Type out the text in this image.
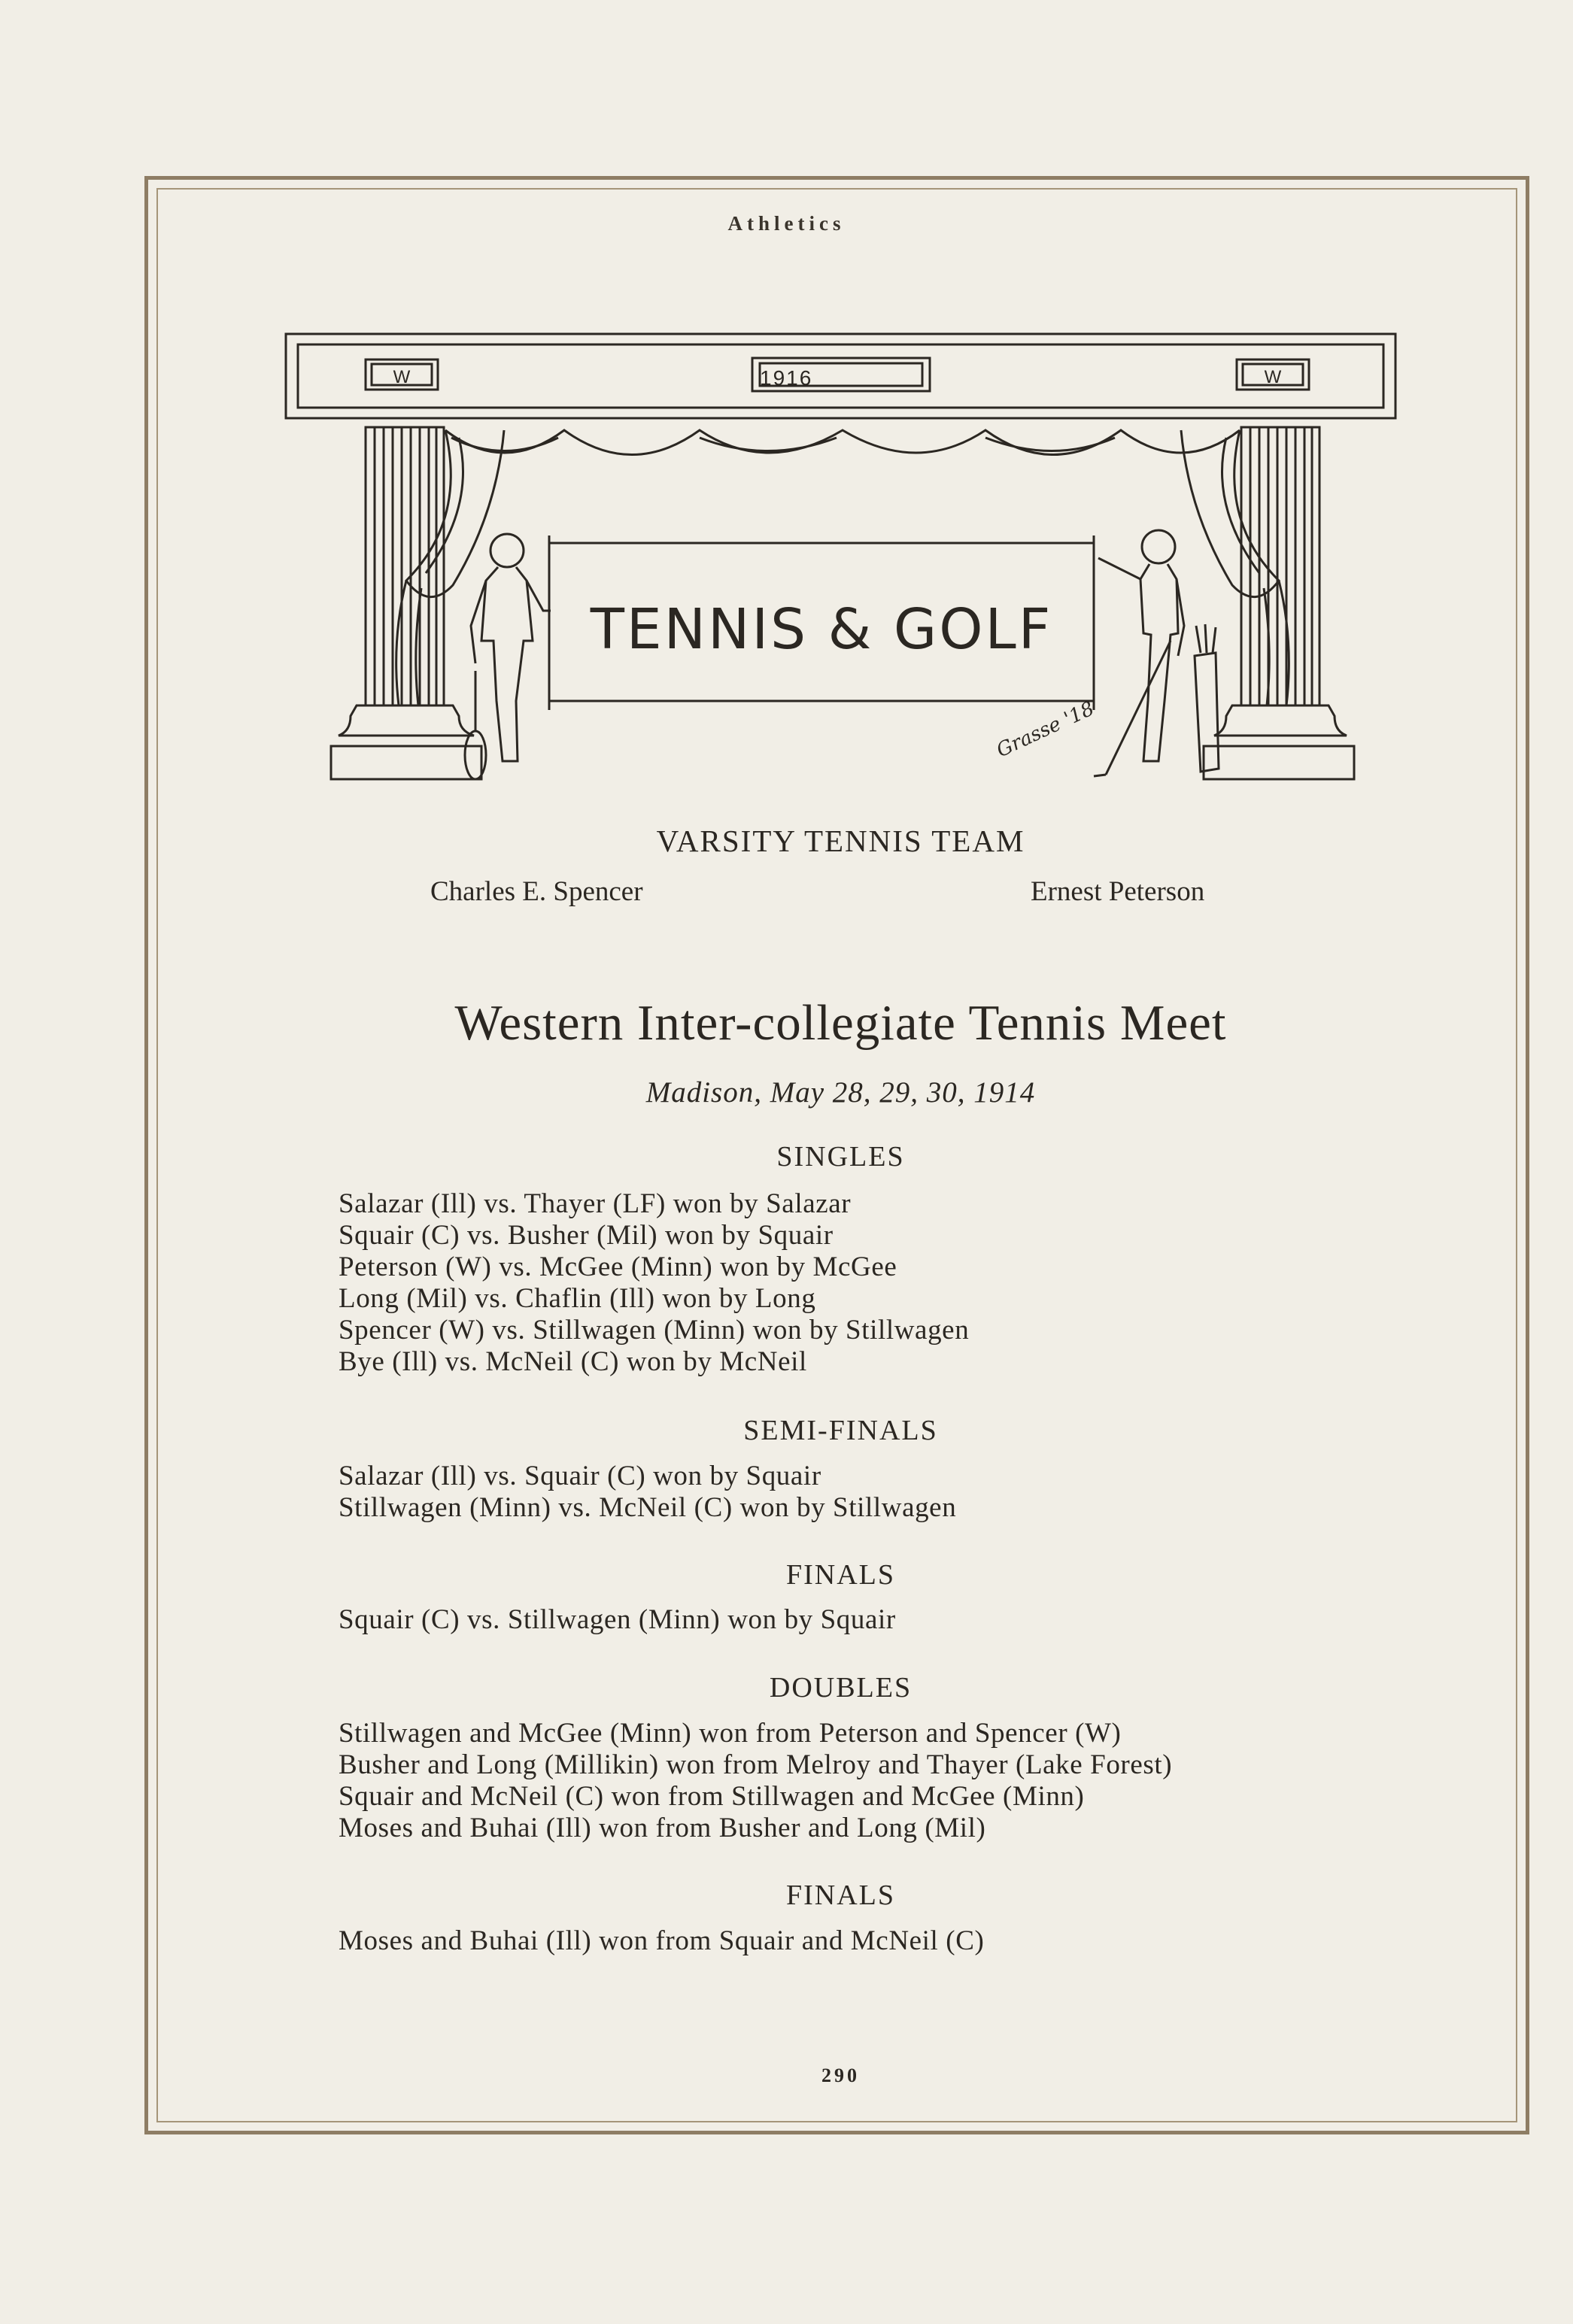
Athletics
1916
W	W
TENNIS & GOLF
Grasse '18
VARSITY TENNIS TEAM
Charles E. Spencer	Ernest Peterson
Western Inter-collegiate Tennis Meet
Madison, May 28, 29, 30, 1914
SINGLES
Salazar (Ill) vs. Thayer (LF) won by Salazar
Squair (C) vs. Busher (Mil) won by Squair
Peterson (W) vs. McGee (Minn) won by McGee
Long (Mil) vs. Chaflin (Ill) won by Long
Spencer (W) vs. Stillwagen (Minn) won by Stillwagen
Bye (Ill) vs. McNeil (C) won by McNeil
SEMI-FINALS
Salazar (Ill) vs. Squair (C) won by Squair
Stillwagen (Minn) vs. McNeil (C) won by Stillwagen
FINALS
Squair (C) vs. Stillwagen (Minn) won by Squair
DOUBLES
Stillwagen and McGee (Minn) won from Peterson and Spencer (W)
Busher and Long (Millikin) won from Melroy and Thayer (Lake Forest)
Squair and McNeil (C) won from Stillwagen and McGee (Minn)
Moses and Buhai (Ill) won from Busher and Long (Mil)
FINALS
Moses and Buhai (Ill) won from Squair and McNeil (C)
290
